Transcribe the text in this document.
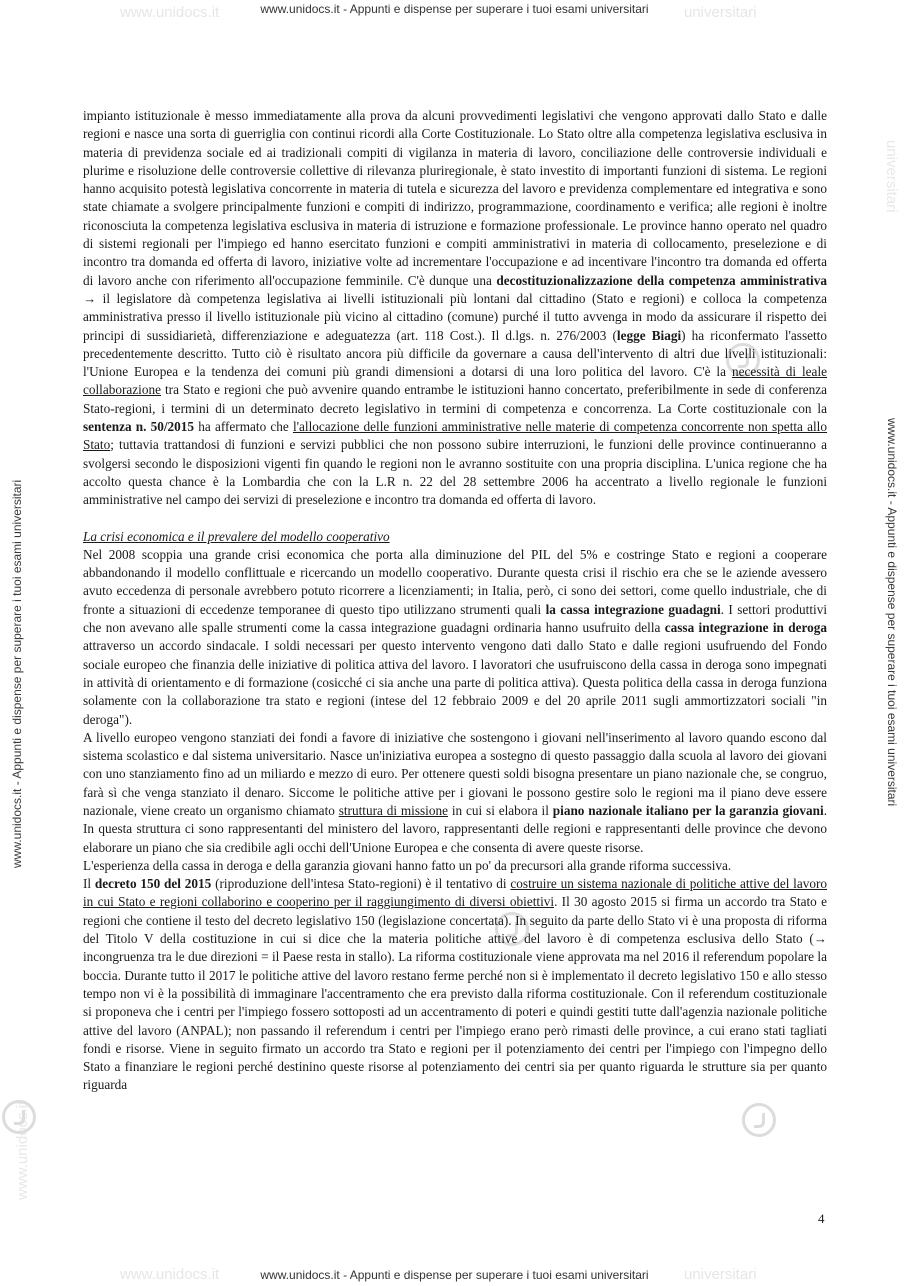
www.unidocs.it	universitari
www.unidocs.it	universitari
www.unidocs.it - Appunti e dispense per superare i tuoi esami universitari
www.unidocs.it - Appunti e dispense per superare i tuoi esami universitari
www.unidocs.it - Appunti e dispense per superare i tuoi esami universitari	www.unidocs.it - Appunti e dispense per superare i tuoi esami universitari
www.unidocs.it
universitari

impianto istituzionale è messo immediatamente alla prova da alcuni provvedimenti legislativi che vengono approvati dallo Stato e dalle regioni e nasce una sorta di guerriglia con continui ricordi alla Corte Costituzionale. Lo Stato oltre alla competenza legislativa esclusiva in materia di previdenza sociale ed ai tradizionali compiti di vigilanza in materia di lavoro, conciliazione delle controversie individuali e plurime e risoluzione delle controversie collettive di rilevanza pluriregionale, è stato investito di importanti funzioni di sistema. Le regioni hanno acquisito potestà legislativa concorrente in materia di tutela e sicurezza del lavoro e previdenza complementare ed integrativa e sono state chiamate a svolgere principalmente funzioni e compiti di indirizzo, programmazione, coordinamento e verifica; alle regioni è inoltre riconosciuta la competenza legislativa esclusiva in materia di istruzione e formazione professionale. Le province hanno operato nel quadro di sistemi regionali per l'impiego ed hanno esercitato funzioni e compiti amministrativi in materia di collocamento, preselezione e di incontro tra domanda ed offerta di lavoro, iniziative volte ad incrementare l'occupazione e ad incentivare l'incontro tra domanda ed offerta di lavoro anche con riferimento all'occupazione femminile. C'è dunque una decostituzionalizzazione della competenza amministrativa → il legislatore dà competenza legislativa ai livelli istituzionali più lontani dal cittadino (Stato e regioni) e colloca la competenza amministrativa presso il livello istituzionale più vicino al cittadino (comune) purché il tutto avvenga in modo da assicurare il rispetto dei principi di sussidiarietà, differenziazione e adeguatezza (art. 118 Cost.). Il d.lgs. n. 276/2003 (legge Biagi) ha riconfermato l'assetto precedentemente descritto. Tutto ciò è risultato ancora più difficile da governare a causa dell'intervento di altri due livelli istituzionali: l'Unione Europea e la tendenza dei comuni più grandi dimensioni a dotarsi di una loro politica del lavoro. C'è la necessità di leale collaborazione tra Stato e regioni che può avvenire quando entrambe le istituzioni hanno concertato, preferibilmente in sede di conferenza Stato-regioni, i termini di un determinato decreto legislativo in termini di competenza e concorrenza. La Corte costituzionale con la sentenza n. 50/2015 ha affermato che l'allocazione delle funzioni amministrative nelle materie di competenza concorrente non spetta allo Stato; tuttavia trattandosi di funzioni e servizi pubblici che non possono subire interruzioni, le funzioni delle province continueranno a svolgersi secondo le disposizioni vigenti fin quando le regioni non le avranno sostituite con una propria disciplina. L'unica regione che ha accolto questa chance è la Lombardia che con la L.R n. 22 del 28 settembre 2006 ha accentrato a livello regionale le funzioni amministrative nel campo dei servizi di preselezione e incontro tra domanda ed offerta di lavoro.

La crisi economica e il prevalere del modello cooperativo

Nel 2008 scoppia una grande crisi economica che porta alla diminuzione del PIL del 5% e costringe Stato e regioni a cooperare abbandonando il modello conflittuale e ricercando un modello cooperativo. Durante questa crisi il rischio era che se le aziende avessero avuto eccedenza di personale avrebbero potuto ricorrere a licenziamenti; in Italia, però, ci sono dei settori, come quello industriale, che di fronte a situazioni di eccedenze temporanee di questo tipo utilizzano strumenti quali la cassa integrazione guadagni. I settori produttivi che non avevano alle spalle strumenti come la cassa integrazione guadagni ordinaria hanno usufruito della cassa integrazione in deroga attraverso un accordo sindacale. I soldi necessari per questo intervento vengono dati dallo Stato e dalle regioni usufruendo del Fondo sociale europeo che finanzia delle iniziative di politica attiva del lavoro. I lavoratori che usufruiscono della cassa in deroga sono impegnati in attività di orientamento e di formazione (cosicché ci sia anche una parte di politica attiva). Questa politica della cassa in deroga funziona solamente con la collaborazione tra stato e regioni (intese del 12 febbraio 2009 e del 20 aprile 2011 sugli ammortizzatori sociali "in deroga").

A livello europeo vengono stanziati dei fondi a favore di iniziative che sostengono i giovani nell'inserimento al lavoro quando escono dal sistema scolastico e dal sistema universitario. Nasce un'iniziativa europea a sostegno di questo passaggio dalla scuola al lavoro dei giovani con uno stanziamento fino ad un miliardo e mezzo di euro. Per ottenere questi soldi bisogna presentare un piano nazionale che, se congruo, farà sì che venga stanziato il denaro. Siccome le politiche attive per i giovani le possono gestire solo le regioni ma il piano deve essere nazionale, viene creato un organismo chiamato struttura di missione in cui si elabora il piano nazionale italiano per la garanzia giovani. In questa struttura ci sono rappresentanti del ministero del lavoro, rappresentanti delle regioni e rappresentanti delle province che devono elaborare un piano che sia credibile agli occhi dell'Unione Europea e che consenta di avere queste risorse.

L'esperienza della cassa in deroga e della garanzia giovani hanno fatto un po' da precursori alla grande riforma successiva.

Il decreto 150 del 2015 (riproduzione dell'intesa Stato-regioni) è il tentativo di costruire un sistema nazionale di politiche attive del lavoro in cui Stato e regioni collaborino e cooperino per il raggiungimento di diversi obiettivi. Il 30 agosto 2015 si firma un accordo tra Stato e regioni che contiene il testo del decreto legislativo 150 (legislazione concertata). In seguito da parte dello Stato vi è una proposta di riforma del Titolo V della costituzione in cui si dice che la materia politiche attive del lavoro è di competenza esclusiva dello Stato (→ incongruenza tra le due direzioni = il Paese resta in stallo). La riforma costituzionale viene approvata ma nel 2016 il referendum popolare la boccia. Durante tutto il 2017 le politiche attive del lavoro restano ferme perché non si è implementato il decreto legislativo 150 e allo stesso tempo non vi è la possibilità di immaginare l'accentramento che era previsto dalla riforma costituzionale. Con il referendum costituzionale si proponeva che i centri per l'impiego fossero sottoposti ad un accentramento di poteri e quindi gestiti tutte dall'agenzia nazionale politiche attive del lavoro (ANPAL); non passando il referendum i centri per l'impiego erano però rimasti delle province, a cui erano stati tagliati fondi e risorse. Viene in seguito firmato un accordo tra Stato e regioni per il potenziamento dei centri per l'impiego con l'impegno dello Stato a finanziare le regioni perché destinino queste risorse al potenziamento dei centri sia per quanto riguarda le strutture sia per quanto riguarda

4
